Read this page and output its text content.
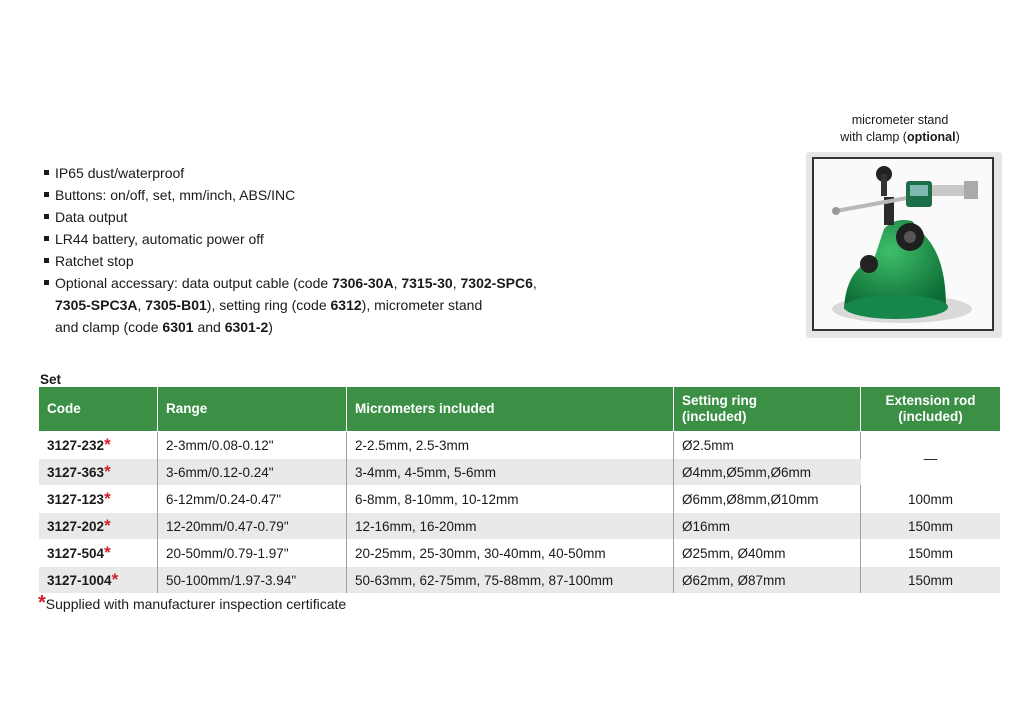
IP65 dust/waterproof
Buttons: on/off, set, mm/inch, ABS/INC
Data output
LR44 battery, automatic power off
Ratchet stop
Optional accessary: data output cable (code 7306-30A, 7315-30, 7302-SPC6,
7305-SPC3A, 7305-B01), setting ring (code 6312), micrometer stand
and clamp (code 6301 and 6301-2)
micrometer stand
with clamp (optional)
Set
Code	Range	Micrometers included	Setting ring
(included)	Extension rod
(included)
3127-232*	2-3mm/0.08-0.12"	2-2.5mm, 2.5-3mm	Ø2.5mm	—
3127-363*	3-6mm/0.12-0.24"	3-4mm, 4-5mm, 5-6mm	Ø4mm,Ø5mm,Ø6mm	
3127-123*	6-12mm/0.24-0.47"	6-8mm, 8-10mm, 10-12mm	Ø6mm,Ø8mm,Ø10mm	100mm
3127-202*	12-20mm/0.47-0.79"	12-16mm, 16-20mm	Ø16mm	150mm
3127-504*	20-50mm/0.79-1.97"	20-25mm, 25-30mm, 30-40mm, 40-50mm	Ø25mm, Ø40mm	150mm
3127-1004*	50-100mm/1.97-3.94"	50-63mm, 62-75mm, 75-88mm, 87-100mm	Ø62mm, Ø87mm	150mm
*Supplied with manufacturer inspection certificate
